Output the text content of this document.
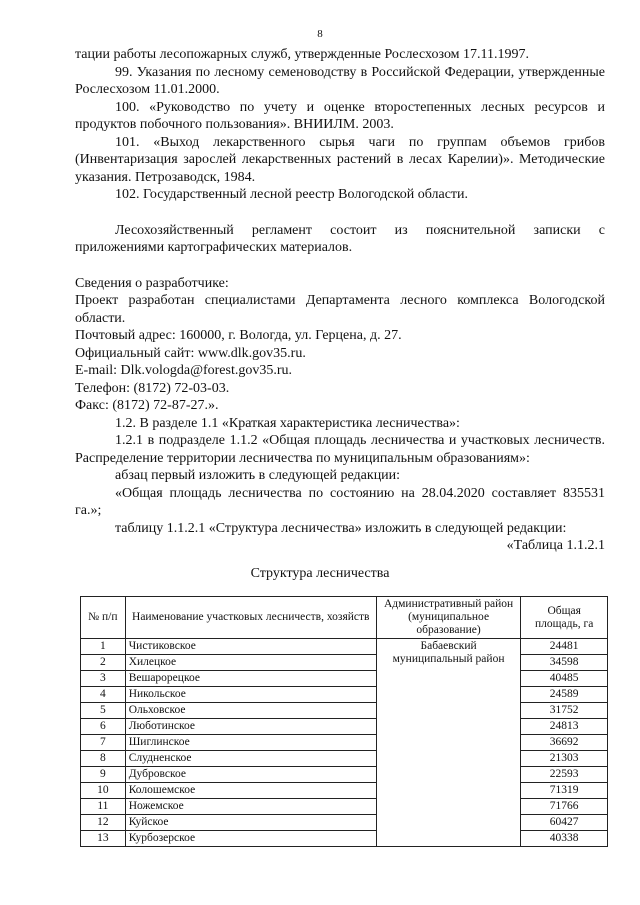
8

тации работы лесопожарных служб, утвержденные Рослесхозом 17.11.1997.

99. Указания по лесному семеноводству в Российской Федерации, утвержденные Рослесхозом 11.01.2000.

100. «Руководство по учету и оценке второстепенных лесных ресурсов и продуктов побочного пользования». ВНИИЛМ. 2003.

101. «Выход лекарственного сырья чаги по группам объемов грибов (Инвентаризация зарослей лекарственных растений в лесах Карелии)». Методические указания. Петрозаводск, 1984.

102. Государственный лесной реестр Вологодской области.

Лесохозяйственный регламент состоит из пояснительной записки с приложениями картографических материалов.

Сведения о разработчике:

Проект разработан специалистами Департамента лесного комплекса Вологодской области.

Почтовый адрес: 160000, г. Вологда, ул. Герцена, д. 27.

Официальный сайт: www.dlk.gov35.ru.

E-mail: Dlk.vologda@forest.gov35.ru.

Телефон: (8172) 72-03-03.

Факс: (8172) 72-87-27.».

1.2. В разделе 1.1 «Краткая характеристика лесничества»:

1.2.1 в подразделе 1.1.2 «Общая площадь лесничества и участковых лесничеств. Распределение территории лесничества по муниципальным образованиям»:

абзац первый изложить в следующей редакции:

«Общая площадь лесничества по состоянию на 28.04.2020 составляет 835531 га.»;

таблицу 1.1.2.1 «Структура лесничества» изложить в следующей редакции:

«Таблица 1.1.2.1

Структура лесничества
№ п/п	Наименование участковых лесничеств, хозяйств	Административный район (муниципальное образование)	Общая площадь, га
1	Чистиковское	Бабаевский муниципальный район	24481
2	Хилецкое		34598
3	Вешарорецкое		40485
4	Никольское		24589
5	Ольховское		31752
6	Люботинское		24813
7	Шиглинское		36692
8	Слудненское		21303
9	Дубровское		22593
10	Колошемское		71319
11	Ножемское		71766
12	Куйское		60427
13	Курбозерское		40338
